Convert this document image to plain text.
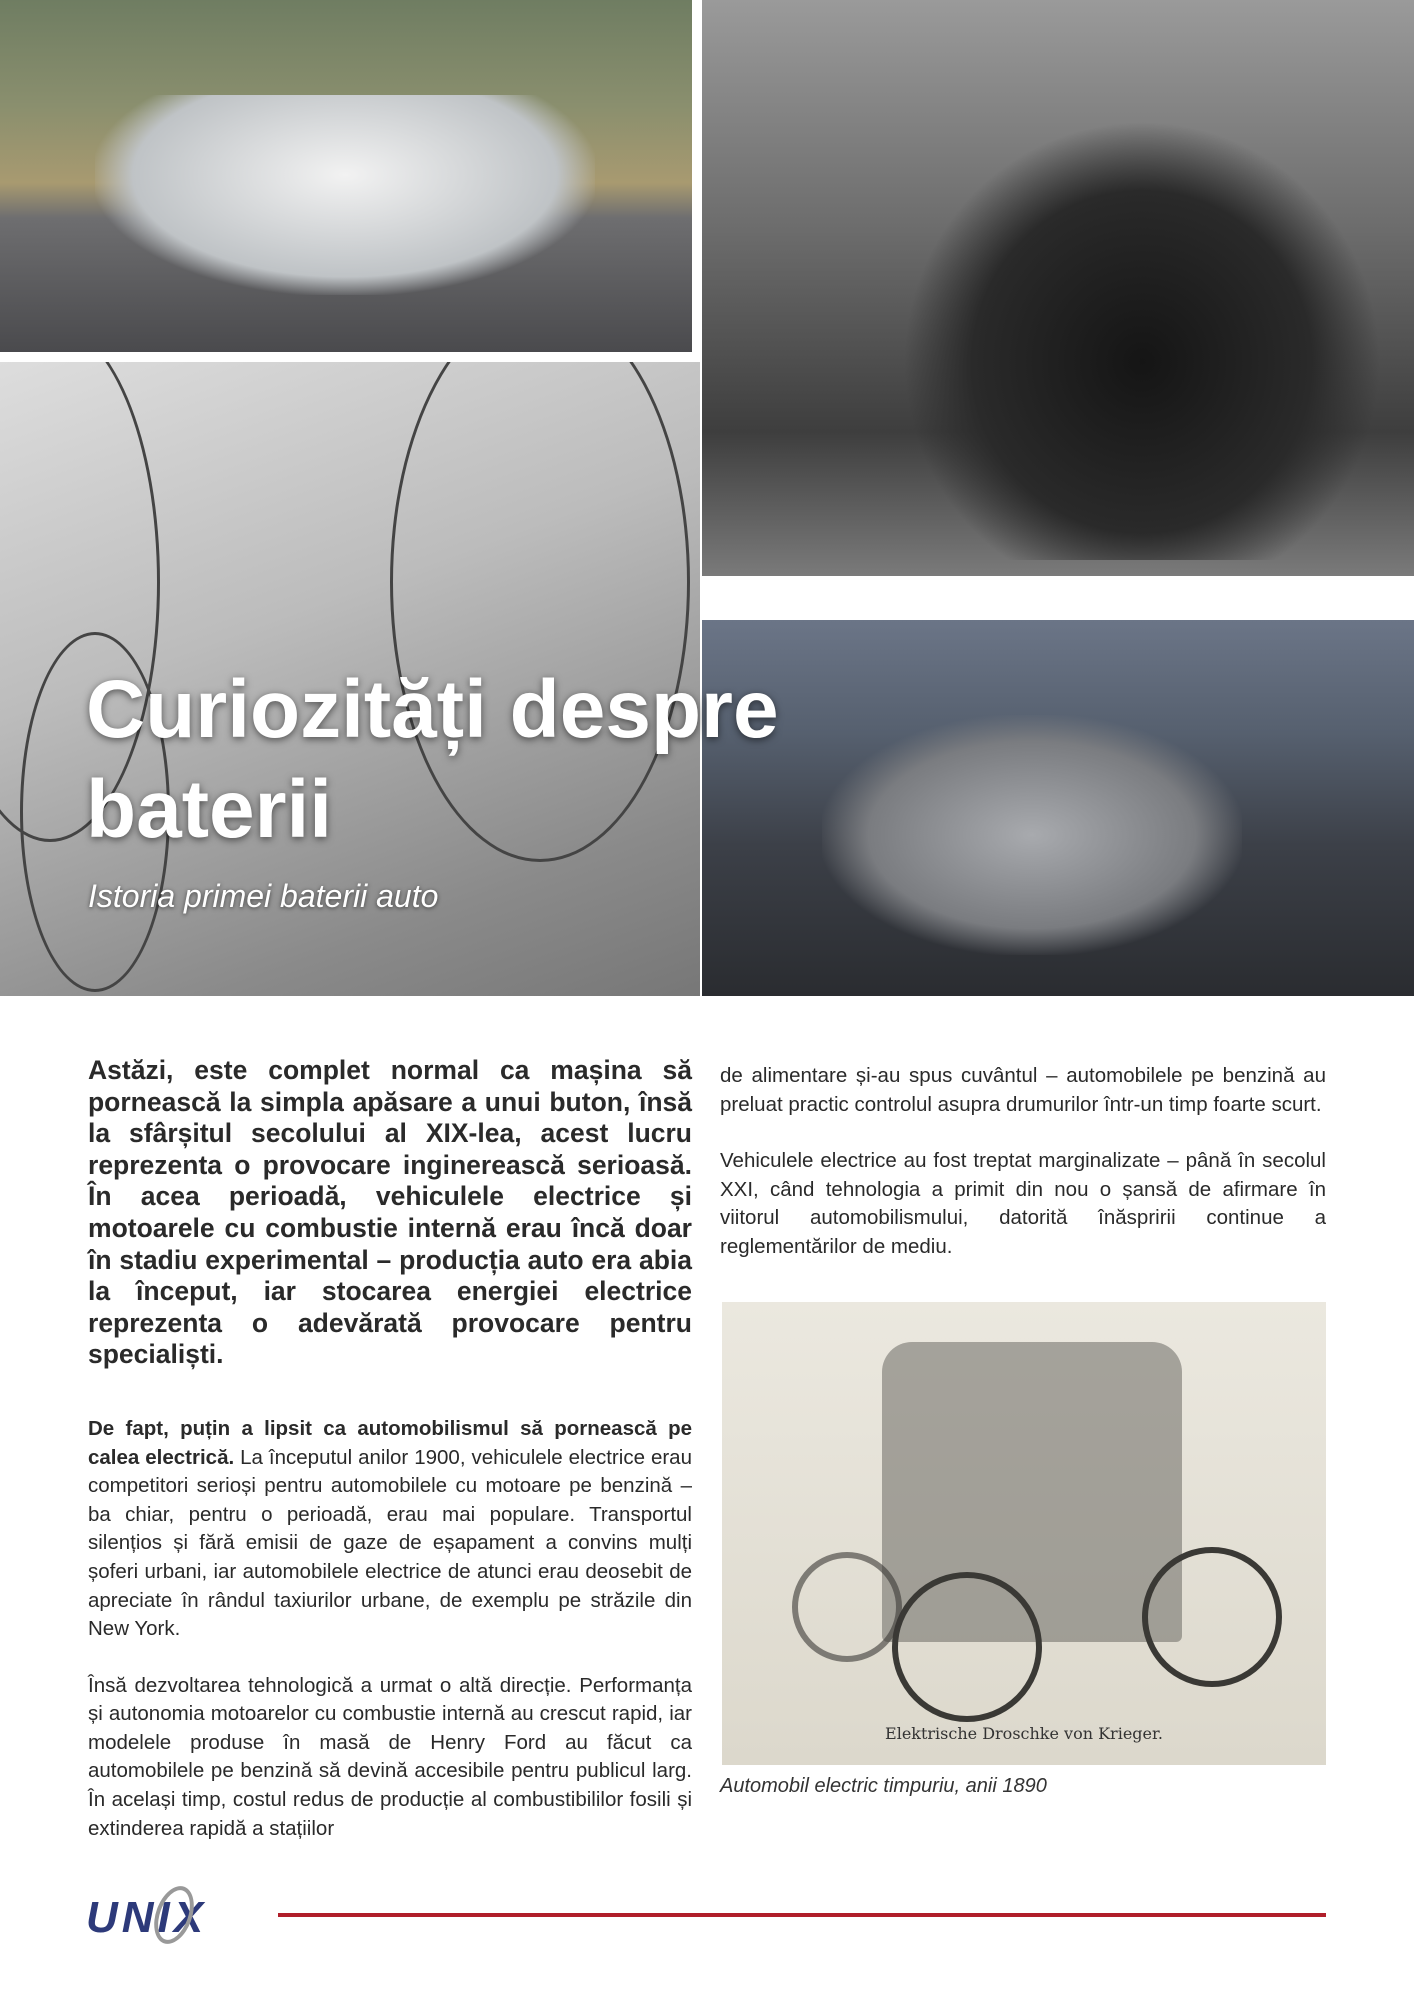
Curiozități despre
baterii
Istoria primei baterii auto

Astăzi, este complet normal ca mașina să pornească la simpla apăsare a unui buton, însă la sfârșitul secolului al XIX-lea, acest lucru reprezenta o provocare inginerească serioasă. În acea perioadă, vehiculele electrice și motoarele cu combustie internă erau încă doar în stadiu experimental – producția auto era abia la început, iar stocarea energiei electrice reprezenta o adevărată provocare pentru specialiști.

De fapt, puțin a lipsit ca automobilismul să pornească pe calea electrică. La începutul anilor 1900, vehiculele electrice erau competitori serioși pentru automobilele cu motoare pe benzină – ba chiar, pentru o perioadă, erau mai populare. Transportul silențios și fără emisii de gaze de eșapament a convins mulți șoferi urbani, iar automobilele electrice de atunci erau deosebit de apreciate în rândul taxiurilor urbane, de exemplu pe străzile din New York.

Însă dezvoltarea tehnologică a urmat o altă direcție. Performanța și autonomia motoarelor cu combustie internă au crescut rapid, iar modelele produse în masă de Henry Ford au făcut ca automobilele pe benzină să devină accesibile pentru publicul larg. În același timp, costul redus de producție al combustibililor fosili și extinderea rapidă a stațiilor

de alimentare și-au spus cuvântul – automobilele pe benzină au preluat practic controlul asupra drumurilor într-un timp foarte scurt.

Vehiculele electrice au fost treptat marginalizate – până în secolul XXI, când tehnologia a primit din nou o șansă de afirmare în viitorul automobilismului, datorită înăspririi continue a reglementărilor de mediu.

Elektrische Droschke von Krieger.
Automobil electric timpuriu, anii 1890
UNIX
